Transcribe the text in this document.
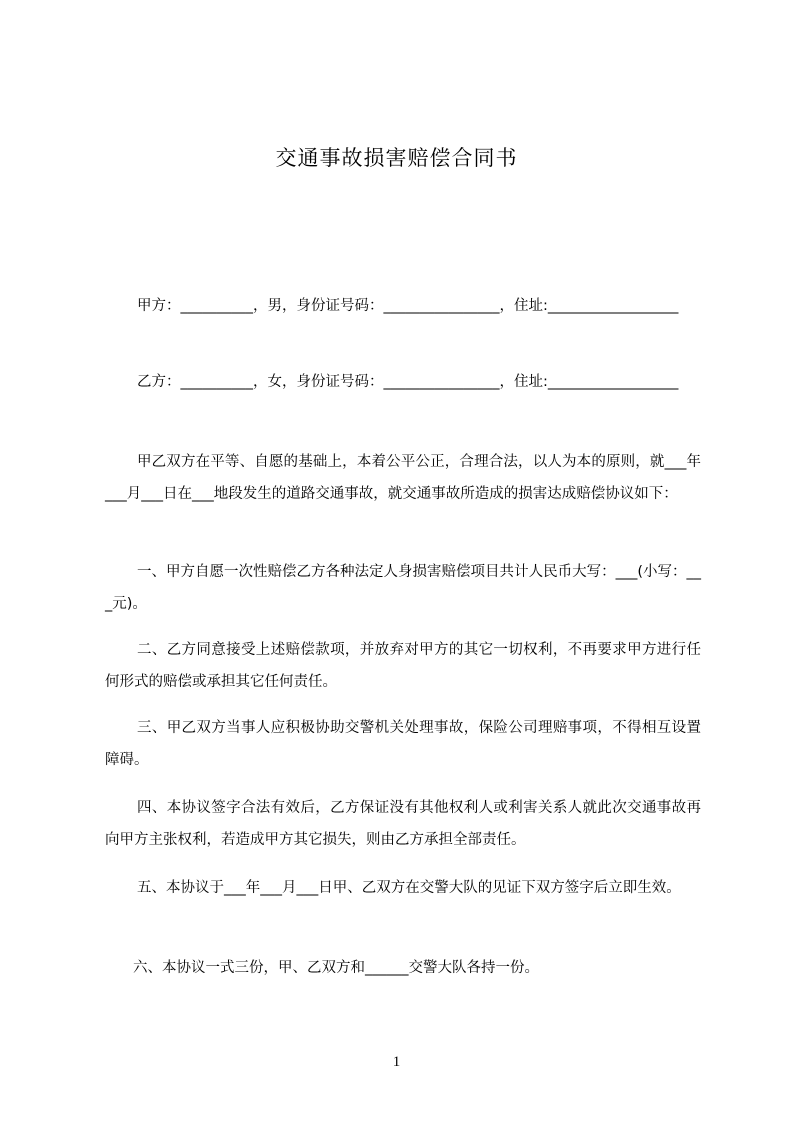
交通事故损害赔偿合同书

甲方：__________，男，身份证号码：________________，住址:__________________

乙方：__________，女，身份证号码：________________，住址:__________________

甲乙双方在平等、自愿的基础上，本着公平公正，合理合法，以人为本的原则，就___年___月___日在___地段发生的道路交通事故，就交通事故所造成的损害达成赔偿协议如下：

一、甲方自愿一次性赔偿乙方各种法定人身损害赔偿项目共计人民币大写：___(小写：___元)。

二、乙方同意接受上述赔偿款项，并放弃对甲方的其它一切权利，不再要求甲方进行任何形式的赔偿或承担其它任何责任。

三、甲乙双方当事人应积极协助交警机关处理事故，保险公司理赔事项，不得相互设置障碍。

四、本协议签字合法有效后，乙方保证没有其他权利人或利害关系人就此次交通事故再向甲方主张权利，若造成甲方其它损失，则由乙方承担全部责任。

五、本协议于___年___月___日甲、乙双方在交警大队的见证下双方签字后立即生效。

六、本协议一式三份，甲、乙双方和______交警大队各持一份。

1
